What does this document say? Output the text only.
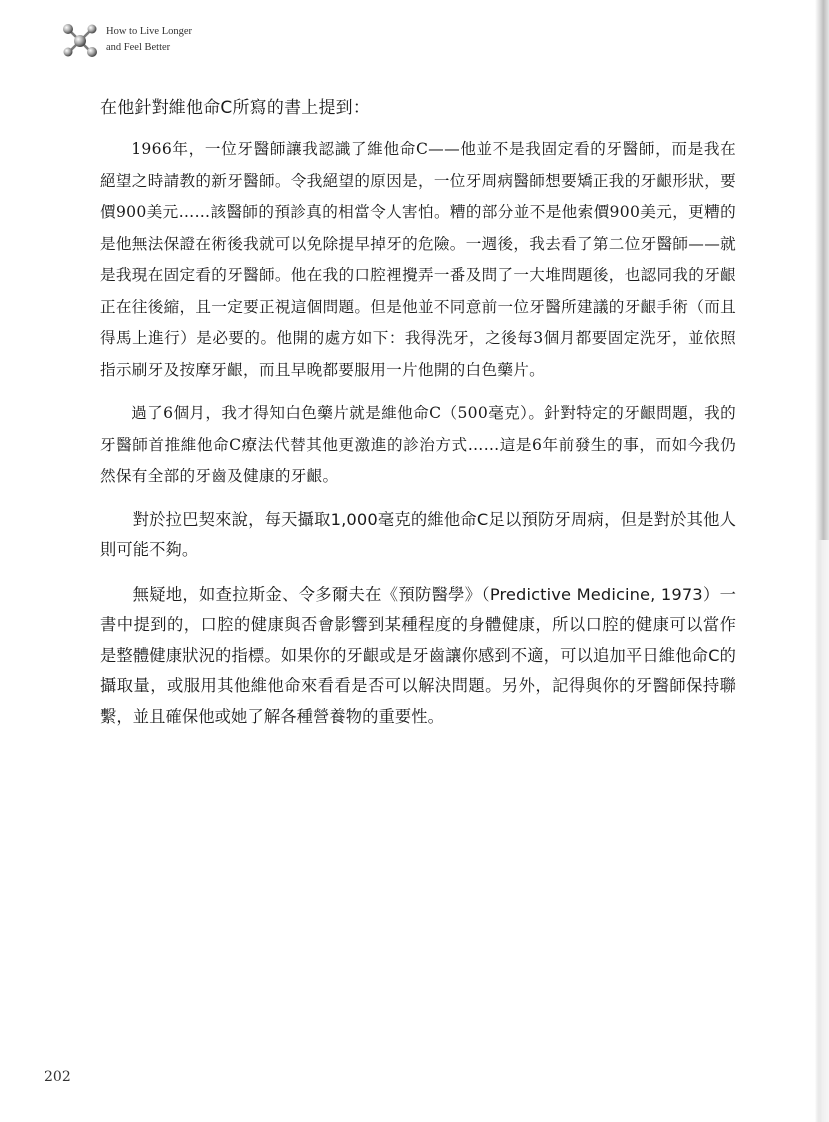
How to Live Longer
and Feel Better

在他針對維他命C所寫的書上提到：

1966年，一位牙醫師讓我認識了維他命C——他並不是我固定看的牙醫師，而是我在絕望之時請教的新牙醫師。令我絕望的原因是，一位牙周病醫師想要矯正我的牙齦形狀，要價900美元……該醫師的預診真的相當令人害怕。糟的部分並不是他索價900美元，更糟的是他無法保證在術後我就可以免除提早掉牙的危險。一週後，我去看了第二位牙醫師——就是我現在固定看的牙醫師。他在我的口腔裡攪弄一番及問了一大堆問題後，也認同我的牙齦正在往後縮，且一定要正視這個問題。但是他並不同意前一位牙醫所建議的牙齦手術（而且得馬上進行）是必要的。他開的處方如下：我得洗牙，之後每3個月都要固定洗牙，並依照指示刷牙及按摩牙齦，而且早晚都要服用一片他開的白色藥片。

過了6個月，我才得知白色藥片就是維他命C（500毫克）。針對特定的牙齦問題，我的牙醫師首推維他命C療法代替其他更激進的診治方式……這是6年前發生的事，而如今我仍然保有全部的牙齒及健康的牙齦。

對於拉巴契來說，每天攝取1,000毫克的維他命C足以預防牙周病，但是對於其他人則可能不夠。

無疑地，如查拉斯金、令多爾夫在《預防醫學》（Predictive Medicine, 1973）一書中提到的，口腔的健康與否會影響到某種程度的身體健康，所以口腔的健康可以當作是整體健康狀況的指標。如果你的牙齦或是牙齒讓你感到不適，可以追加平日維他命C的攝取量，或服用其他維他命來看看是否可以解決問題。另外，記得與你的牙醫師保持聯繫，並且確保他或她了解各種營養物的重要性。

202
